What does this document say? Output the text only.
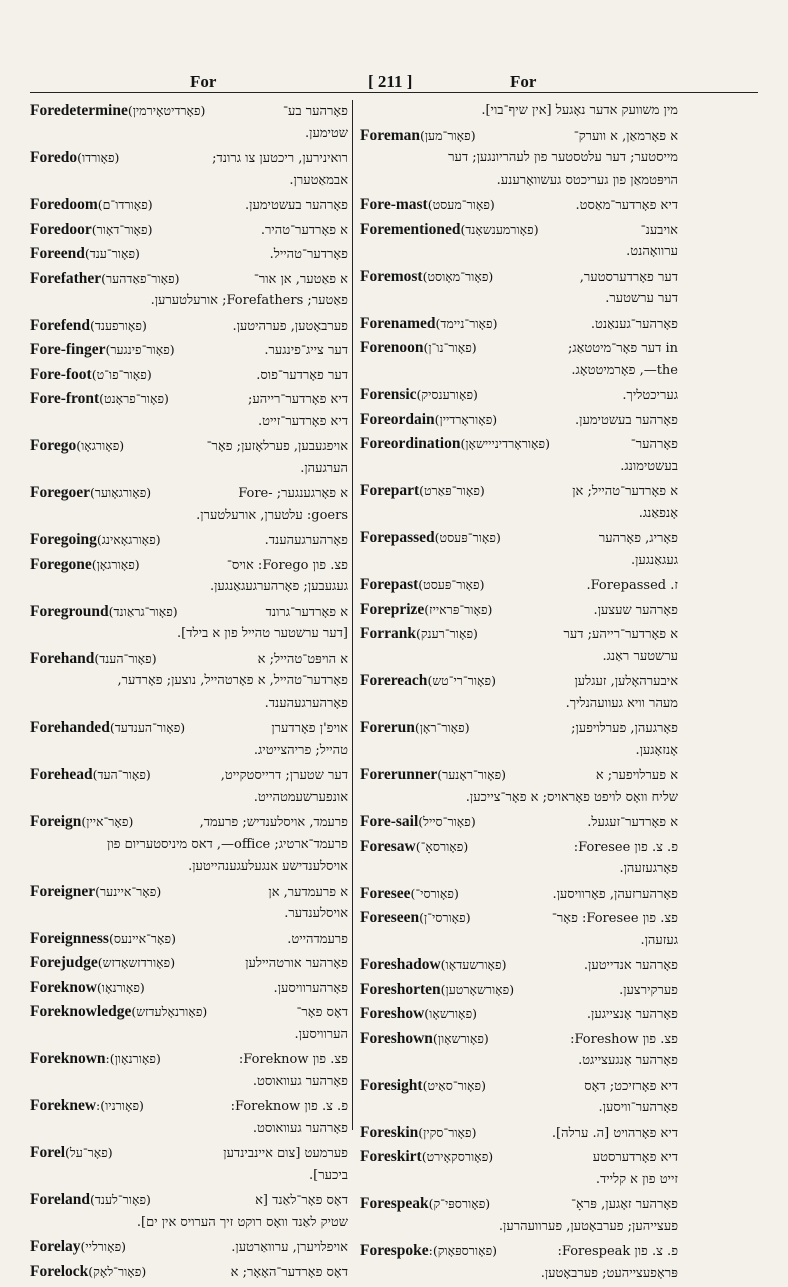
For	[ 211 ]	For
Foredetermine (פאָרדיטאָירמין)	פאָרהער בע־
שטימען.
Foredo (פאָורדו)	רואינירען, ריכטען צו גרונד;
אבמאַטערן.
Foredoom (פאָורדו־ם)	פאָרהער בעשטימען.
Foredoor (פאָור־דאָור)	א פאָרדער־טהיר.
Foreend (פאָור־ענד)	פאָרדער־טהייל.
Forefather (פאָור־פאַדהער)	א פאַטער, אן אור־
פאַטער; Forefathers; אורעלטערען.
Forefend (פאָורפענד)	פערבאָטען, פערהיטען.
Fore-finger (פאָור־פינגער)	דער צייג־פינגער.
Fore-foot (פאָור־פו־ט)	דער פאָרדער־פוס.
Fore-front (פאָור־פראָנט)	דיא פאָרדער־רייהע;
דיא פאָרדער־זייט.
Forego (פאָורגאָו)	אויפגעבען, פערלאָזען; פאָר־
הערגעהן.
Foregoer (פאָורגאָוער)	א פאָרגענגער; -Fore
goers: עלטערן, אורעלטערן.
Foregoing (פאָורגאָאינג)	פאָרהערגעהענד.
Foregone (פאָורגאָן)	פצ. פון Forego: אויס־
געגעבען; פאָרהערגעגאַנגען.
Foreground (פאָור־גראַונד)	א פאָרדער־גרונד
[דער ערשטער טהייל פון א בילד].
Forehand (פאָור־הענד)	א הויפּט־טהייל; א
פאָרדער־טהייל, א פאָרטהייל, נוצען; פאָרדער,
פאָרהערגעהענד.
Forehanded (פאָור־הענדעד)	אויפ'ן פאָרדערן
טהייל; פריהצייטיג.
Forehead (פאָור־העד)	דער שטערן; דרייסטקייט,
אונפערשעמטהייט.
Foreign (פאָר־איין)	פרעמד, אויסלענדיש; פרעמד,
פרעמד־ארטיג; office—, דאס מיניסטעריום פון
אויסלענדישע אנגעלעגענהייטען.
Foreigner (פאָר־איינער)	א פרעמדער, אן
אויסלענדער.
Foreignness (פאָר־איינעס)	פרעמדהייט.
Forejudge (פאָורדזשאָדזש)	פאָרהער אורטהיילען
Foreknow (פאָורנאָו)	פאָרהערוויסען.
Foreknowledge (פאָורנאָלעדזש)	דאָס פאָר־
הערוויסען.
Foreknown (פאָורנאָון):	פצ. פון Foreknow:
פאָרהער געוואוסט.
Foreknew (פאָורניו):	פ. צ. פון Foreknow:
פאָרהער געוואוסט.
Forel (פאָר־על)	פערמעט [צום איינבינדען
ביכער].
Foreland (פאָור־לענד)	דאָס פאָר־לאַנד [א
שטיק לאַנד וואָס רוקט זיך הערויס אין ים].
Forelay (פאָורליי)	אויפלויערן, ערוואַרטען.
Forelock (פאָור־לאָק)	דאָס פאָרדער־האָאָר; א
מין משוועק אדער נאָגעל [אין שיף־בוי].
Foreman (פאָור־מען)	א פאָרמאַן, א ווערק־
מייסטער; דער עלטסטער פון לעהריונגען; דער
הויפּטמאַן פון געריכטס געשוואָרענע.
Fore-mast (פאָור־מעסט)	דיא פאָרדער־מאַסט.
Forementioned (פאָורמענשאָנד)	אויבענ־
ערוואָהנט.
Foremost (פאָור־מאָוסט)	דער פאָרדערסטער,
דער ערשטער.
Forenamed (פאָור־ניימד)	פאָרהער־גענאַנט.
Forenoon (פאָור־נו־ן)	in דער פאָר־מיטטאַג;
the—, פאָרמיטטאָג.
Forensic (פאָורענסיק)	געריכטליך.
Foreordain (פאָוראָרדיין)	פאָרהער בעשטימען.
Foreordination (פאָוראָרדינייישאָן)	פאָרהער־
בעשטימונג.
Forepart (פאָור־פּאַרט)	א פאָרדער־טהייל; אן
אָנפאַנג.
Forepassed (פאָור־פּעסט)	פאָריג, פאָרהער
געגאַנגען.
Forepast (פאָור־פּעסט)	ז. Forepassed.
Foreprize (פאָור־פּראייז)	פאָרהער שעצען.
Forrank (פאָור־רענק)	א פאָרדער־רייהע; דער
ערשטער ראַנג.
Forereach (פאָור־רי־טש)	איבערהאָלען, זעגלען
מעהר וויא געוועהנליך.
Forerun (פאָור־ראָן)	פאָרגעהן, פערלויפען;
אָנזאָגען.
Forerunner (פאָור־ראָנער)	א פערלויפער; א
שליח וואָס לויפט פאָראויס; א פאָר־צייכען.
Fore-sail (פאָור־סייל)	א פאָרדער־זעגעל.
Foresaw (פאָורסאָ־)	פ. צ. פון Foresee:
פאָרגעזעהן.
Foresee (פאָורסי־)	פאָרהערזעהן, פאָרוויסען.
Foreseen (פאָורסי־ן)	פצ. פון Foresee: פאָר־
געזעהן.
Foreshadow (פאָורשעדאָו)	פאָרהער אנדייטען.
Foreshorten (פאָורשאָרטען)	פערקירצען.
Foreshow (פאָורשאָו)	פאָרהער אָנצייגען.
Foreshown (פאָורשאָון)	פצ. פון Foreshow:
פאָרהער אָנגעצייגט.
Foresight (פאָור־סאַיט)	דיא פאָרזיכט; דאָס
פאָרהער־וויסען.
Foreskin (פאָור־סקין)	דיא פאָרהויט [ה. ערלה].
Foreskirt (פאָורסקאָירט)	דיא פאָרדערסטע
זייט פון א קלייד.
Forespeak (פאָורספּי־ק)	פאָרהער זאָגען, פּראָ־
פעצייהען; פערבאָטען, פערוועהרען.
Forespoke (פאָורספּאָוק):	פ. צ. פון Forespeak:
פּראָפעצייהעט; פערבאָטען.
